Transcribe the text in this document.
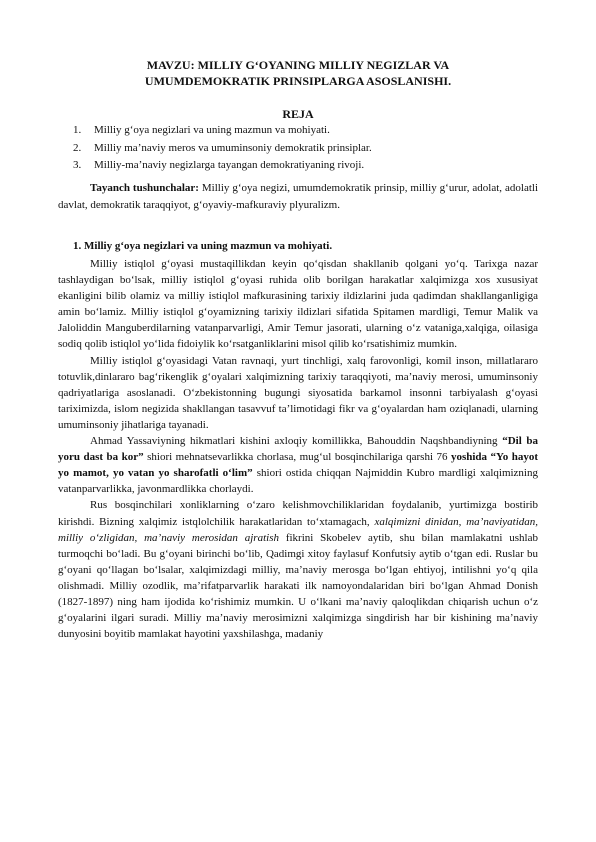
MAVZU: MILLIY G‘OYANING MILLIY NEGIZLAR VA
UMUMDEMOKRATIK PRINSIPLARGA ASOSLANISHI.
REJA
1. Milliy g‘oya negizlari va uning mazmun va mohiyati.
2. Milliy ma’naviy meros va umuminsoniy demokratik prinsiplar.
3. Milliy-ma’naviy negizlarga tayangan demokratiyaning rivoji.
Tayanch tushunchalar: Milliy g‘oya negizi, umumdemokratik prinsip, milliy g‘urur, adolat, adolatli davlat, demokratik taraqqiyot, g‘oyaviy-mafkuraviy plyuralizm.
1. Milliy g‘oya negizlari va uning mazmun va mohiyati.

Milliy istiqlol g‘oyasi mustaqillikdan keyin qo‘qisdan shakllanib qolgani yo‘q. Tarixga nazar tashlaydigan bo‘lsak, milliy istiqlol g‘oyasi ruhida olib borilgan harakatlar xalqimizga xos xususiyat ekanligini bilib olamiz va milliy istiqlol mafkurasining tarixiy ildizlarini juda qadimdan shakllanganligiga amin bo‘lamiz. Milliy istiqlol g‘oyamizning tarixiy ildizlari sifatida Spitamen mardligi, Temur Malik va Jaloliddin Manguberdilarning vatanparvarligi, Amir Temur jasorati, ularning o‘z vataniga,xalqiga, oilasiga sodiq qolib istiqlol yo‘lida fidoiylik ko‘rsatganliklarini misol qilib ko‘rsatishimiz mumkin.

Milliy istiqlol g‘oyasidagi Vatan ravnaqi, yurt tinchligi, xalq farovonligi, komil inson, millatlararo totuvlik,dinlararo bag‘rikenglik g‘oyalari xalqimizning tarixiy taraqqiyoti, ma’naviy merosi, umuminsoniy qadriyatlariga asoslanadi. O‘zbekistonning bugungi siyosatida barkamol insonni tarbiyalash g‘oyasi tariximizda, islom negizida shakllangan tasavvuf ta’limotidagi fikr va g‘oyalardan ham oziqlanadi, ularning umuminsoniy jihatlariga tayanadi.

Ahmad Yassaviyning hikmatlari kishini axloqiy komillikka, Bahouddin Naqshbandiyning “Dil ba yoru dast ba kor” shiori mehnatsevarlikka chorlasa, mug‘ul bosqinchilariga qarshi 76 yoshida “Yo hayot yo mamot, yo vatan yo sharofatli o‘lim” shiori ostida chiqqan Najmiddin Kubro mardligi xalqimizning vatanparvarlikka, javonmardlikka chorlaydi.

Rus bosqinchilari xonliklarning o‘zaro kelishmovchiliklaridan foydalanib, yurtimizga bostirib kirishdi. Bizning xalqimiz istqlolchilik harakatlaridan to‘xtamagach, xalqimizni dinidan, ma’naviyatidan, milliy o‘zligidan, ma’naviy merosidan ajratish fikrini Skobelev aytib, shu bilan mamlakatni ushlab turmoqchi bo‘ladi. Bu g‘oyani birinchi bo‘lib, Qadimgi xitoy faylasuf Konfutsiy aytib o‘tgan edi. Ruslar bu g‘oyani qo‘llagan bo‘lsalar, xalqimizdagi milliy, ma’naviy merosga bo‘lgan ehtiyoj, intilishni yo‘q qila olishmadi. Milliy ozodlik, ma’rifatparvarlik harakati ilk namoyondalaridan biri bo‘lgan Ahmad Donish (1827-1897) ning ham ijodida ko‘rishimiz mumkin. U o‘lkani ma’naviy qaloqlikdan chiqarish uchun o‘z g‘oyalarini ilgari suradi. Milliy ma’naviy merosimizni xalqimizga singdirish har bir kishining ma’naviy dunyosini boyitib mamlakat hayotini yaxshilashga, madaniy
